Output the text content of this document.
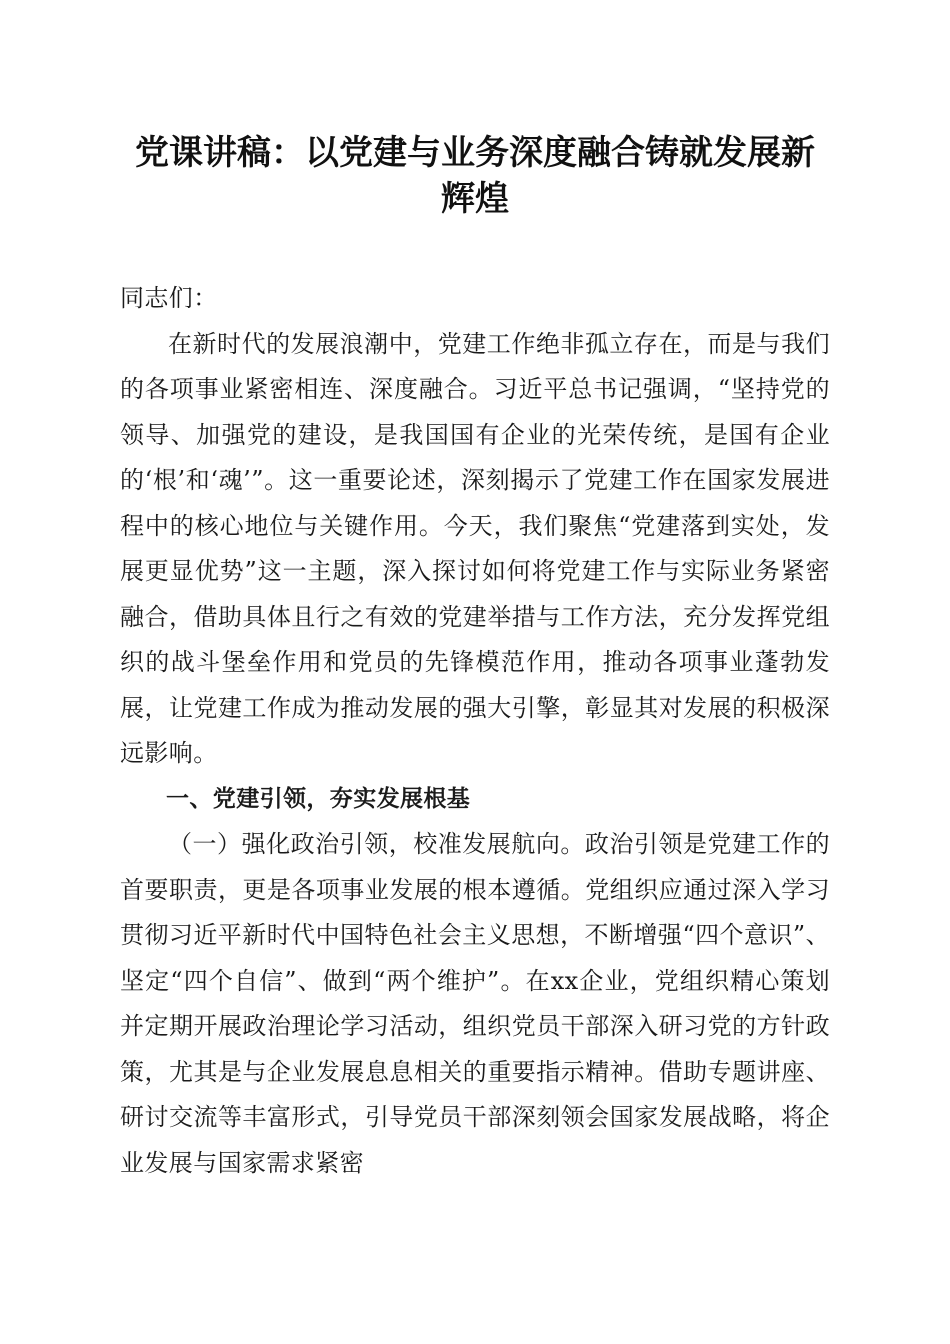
党课讲稿：以党建与业务深度融合铸就发展新辉煌

同志们：

在新时代的发展浪潮中，党建工作绝非孤立存在，而是与我们的各项事业紧密相连、深度融合。习近平总书记强调，“坚持党的领导、加强党的建设，是我国国有企业的光荣传统，是国有企业的‘根’和‘魂’”。这一重要论述，深刻揭示了党建工作在国家发展进程中的核心地位与关键作用。今天，我们聚焦“党建落到实处，发展更显优势”这一主题，深入探讨如何将党建工作与实际业务紧密融合，借助具体且行之有效的党建举措与工作方法，充分发挥党组织的战斗堡垒作用和党员的先锋模范作用，推动各项事业蓬勃发展，让党建工作成为推动发展的强大引擎，彰显其对发展的积极深远影响。

一、党建引领，夯实发展根基

（一）强化政治引领，校准发展航向。政治引领是党建工作的首要职责，更是各项事业发展的根本遵循。党组织应通过深入学习贯彻习近平新时代中国特色社会主义思想，不断增强“四个意识”、坚定“四个自信”、做到“两个维护”。在xx企业，党组织精心策划并定期开展政治理论学习活动，组织党员干部深入研习党的方针政策，尤其是与企业发展息息相关的重要指示精神。借助专题讲座、研讨交流等丰富形式，引导党员干部深刻领会国家发展战略，将企业发展与国家需求紧密
